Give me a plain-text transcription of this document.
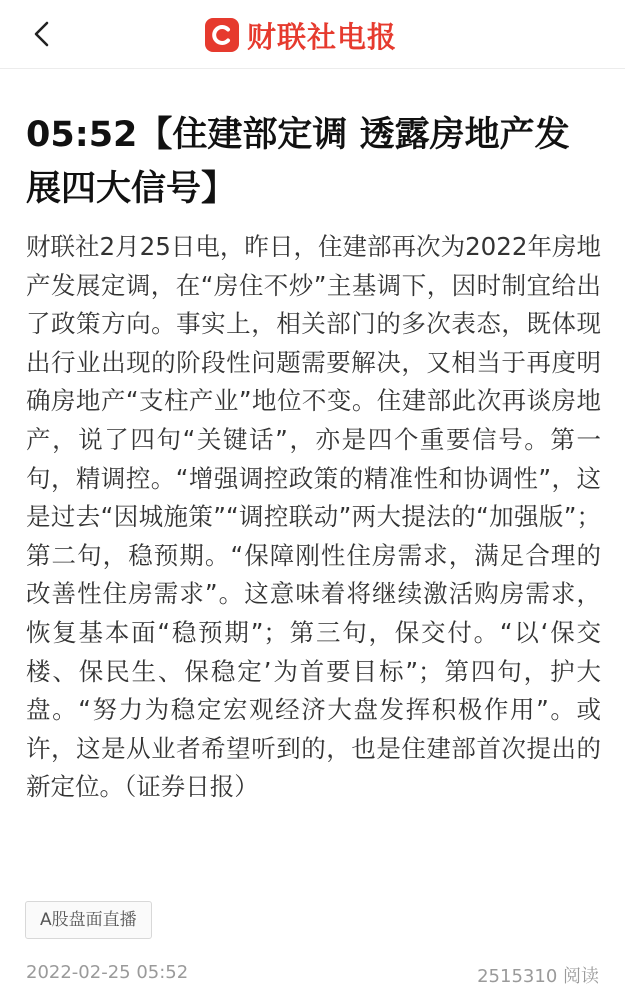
财联社电报
05:52【住建部定调 透露房地产发展四大信号】

财联社2月25日电，昨日，住建部再次为2022年房地产发展定调，在“房住不炒”主基调下，因时制宜给出了政策方向。事实上，相关部门的多次表态，既体现出行业出现的阶段性问题需要解决，又相当于再度明确房地产“支柱产业”地位不变。住建部此次再谈房地产，说了四句“关键话”，亦是四个重要信号。第一句，精调控。“增强调控政策的精准性和协调性”，这是过去“因城施策”“调控联动”两大提法的“加强版”；第二句，稳预期。“保障刚性住房需求，满足合理的改善性住房需求”。这意味着将继续激活购房需求，恢复基本面“稳预期”；第三句，保交付。“以‘保交楼、保民生、保稳定’为首要目标”；第四句，护大盘。“努力为稳定宏观经济大盘发挥积极作用”。或许，这是从业者希望听到的，也是住建部首次提出的新定位。（证券日报）

A股盘面直播
2022-02-25 05:52	2515310 阅读
